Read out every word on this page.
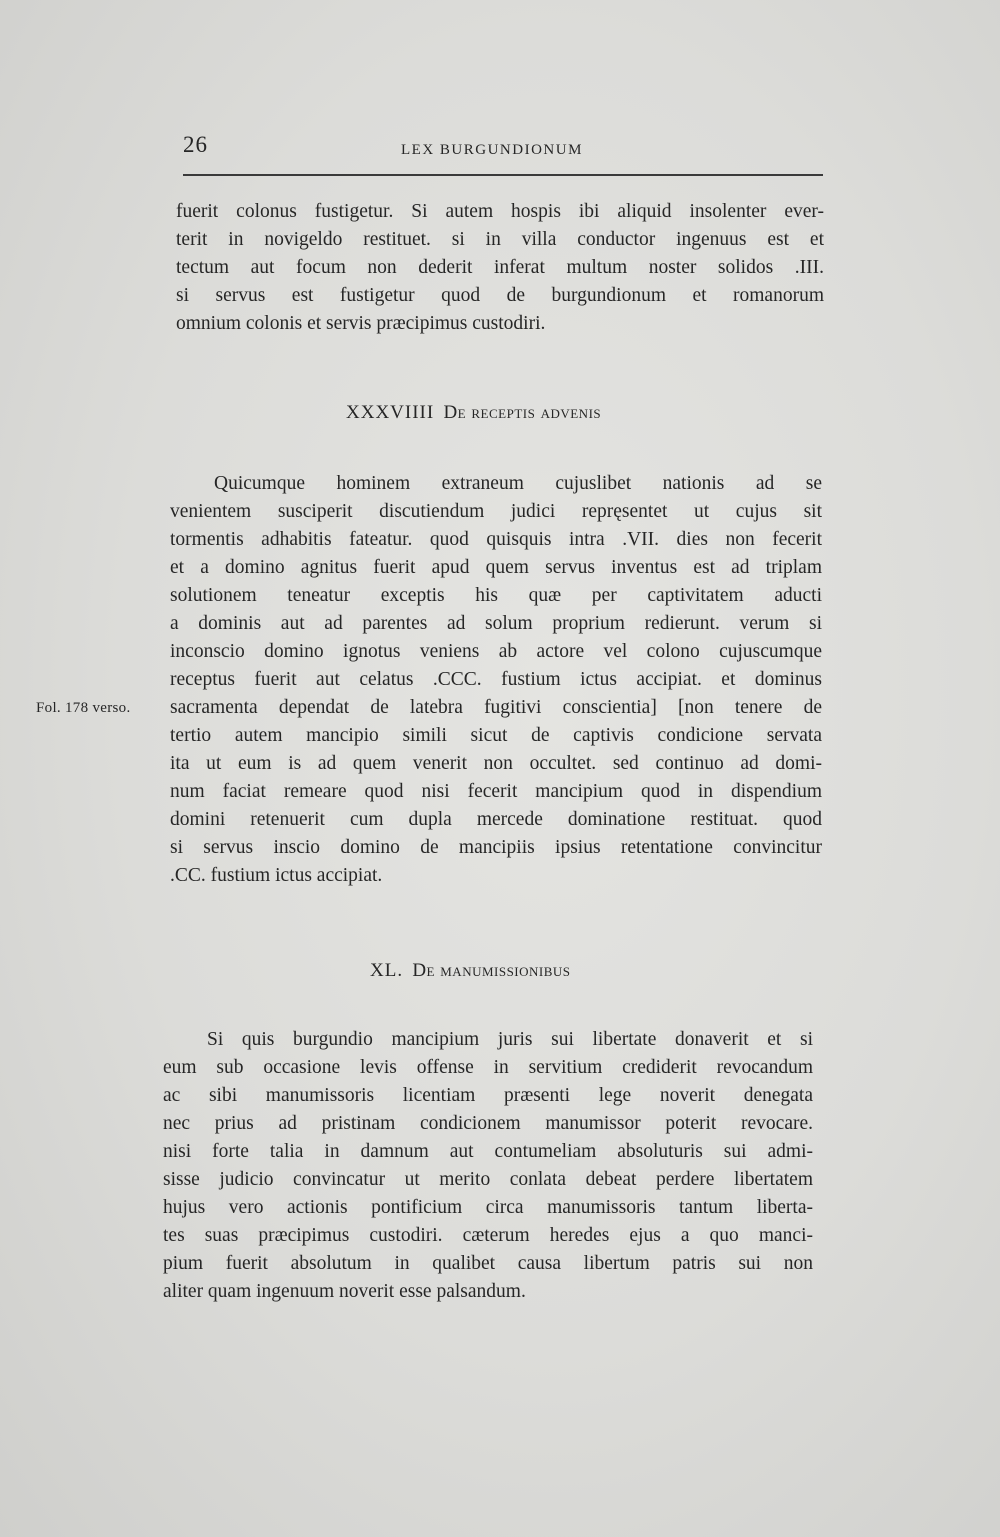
26	LEX BURGUNDIONUM
fuerit colonus fustigetur. Si autem hospis ibi aliquid insolenter ever-
terit in novigeldo restituet. si in villa conductor ingenuus est et
tectum aut focum non dederit inferat multum noster solidos .III.
si servus est fustigetur quod de burgundionum et romanorum
omnium colonis et servis præcipimus custodiri.
XXXVIIII De receptis advenis
Quicumque hominem extraneum cujuslibet nationis ad se
venientem susciperit discutiendum judici repręsentet ut cujus sit
tormentis adhabitis fateatur. quod quisquis intra .VII. dies non fecerit
et a domino agnitus fuerit apud quem servus inventus est ad triplam
solutionem teneatur exceptis his quæ per captivitatem aducti
a dominis aut ad parentes ad solum proprium redierunt. verum si
inconscio domino ignotus veniens ab actore vel colono cujuscumque
receptus fuerit aut celatus .CCC. fustium ictus accipiat. et dominus
sacramenta dependat de latebra fugitivi conscientia] [non tenere de
tertio autem mancipio simili sicut de captivis condicione servata
ita ut eum is ad quem venerit non occultet. sed continuo ad domi-
num faciat remeare quod nisi fecerit mancipium quod in dispendium
domini retenuerit cum dupla mercede dominatione restituat. quod
si servus inscio domino de mancipiis ipsius retentatione convincitur
.CC. fustium ictus accipiat.
Fol. 178 verso.
XL. De manumissionibus
Si quis burgundio mancipium juris sui libertate donaverit et si
eum sub occasione levis offense in servitium crediderit revocandum
ac sibi manumissoris licentiam præsenti lege noverit denegata
nec prius ad pristinam condicionem manumissor poterit revocare.
nisi forte talia in damnum aut contumeliam absoluturis sui admi-
sisse judicio convincatur ut merito conlata debeat perdere libertatem
hujus vero actionis pontificium circa manumissoris tantum liberta-
tes suas præcipimus custodiri. cæterum heredes ejus a quo manci-
pium fuerit absolutum in qualibet causa libertum patris sui non
aliter quam ingenuum noverit esse palsandum.
